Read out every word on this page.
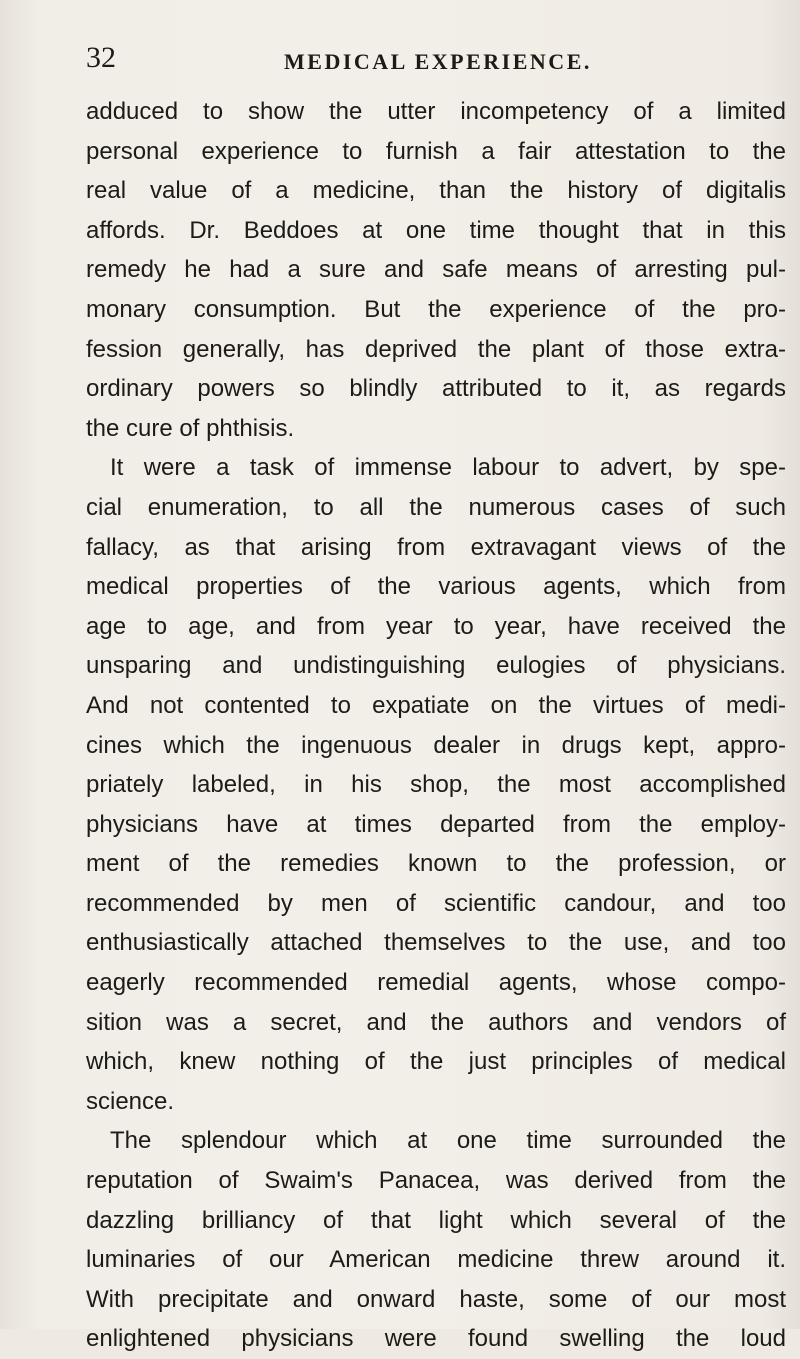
32	MEDICAL EXPERIENCE.
adduced to show the utter incompetency of a limited
personal experience to furnish a fair attestation to the
real value of a medicine, than the history of digitalis
affords. Dr. Beddoes at one time thought that in this
remedy he had a sure and safe means of arresting pul-
monary consumption. But the experience of the pro-
fession generally, has deprived the plant of those extra-
ordinary powers so blindly attributed to it, as regards
the cure of phthisis.
It were a task of immense labour to advert, by spe-
cial enumeration, to all the numerous cases of such
fallacy, as that arising from extravagant views of the
medical properties of the various agents, which from
age to age, and from year to year, have received the
unsparing and undistinguishing eulogies of physicians.
And not contented to expatiate on the virtues of medi-
cines which the ingenuous dealer in drugs kept, appro-
priately labeled, in his shop, the most accomplished
physicians have at times departed from the employ-
ment of the remedies known to the profession, or
recommended by men of scientific candour, and too
enthusiastically attached themselves to the use, and too
eagerly recommended remedial agents, whose compo-
sition was a secret, and the authors and vendors of
which, knew nothing of the just principles of medical
science.
The splendour which at one time surrounded the
reputation of Swaim's Panacea, was derived from the
dazzling brilliancy of that light which several of the
luminaries of our American medicine threw around it.
With precipitate and onward haste, some of our most
enlightened physicians were found swelling the loud
